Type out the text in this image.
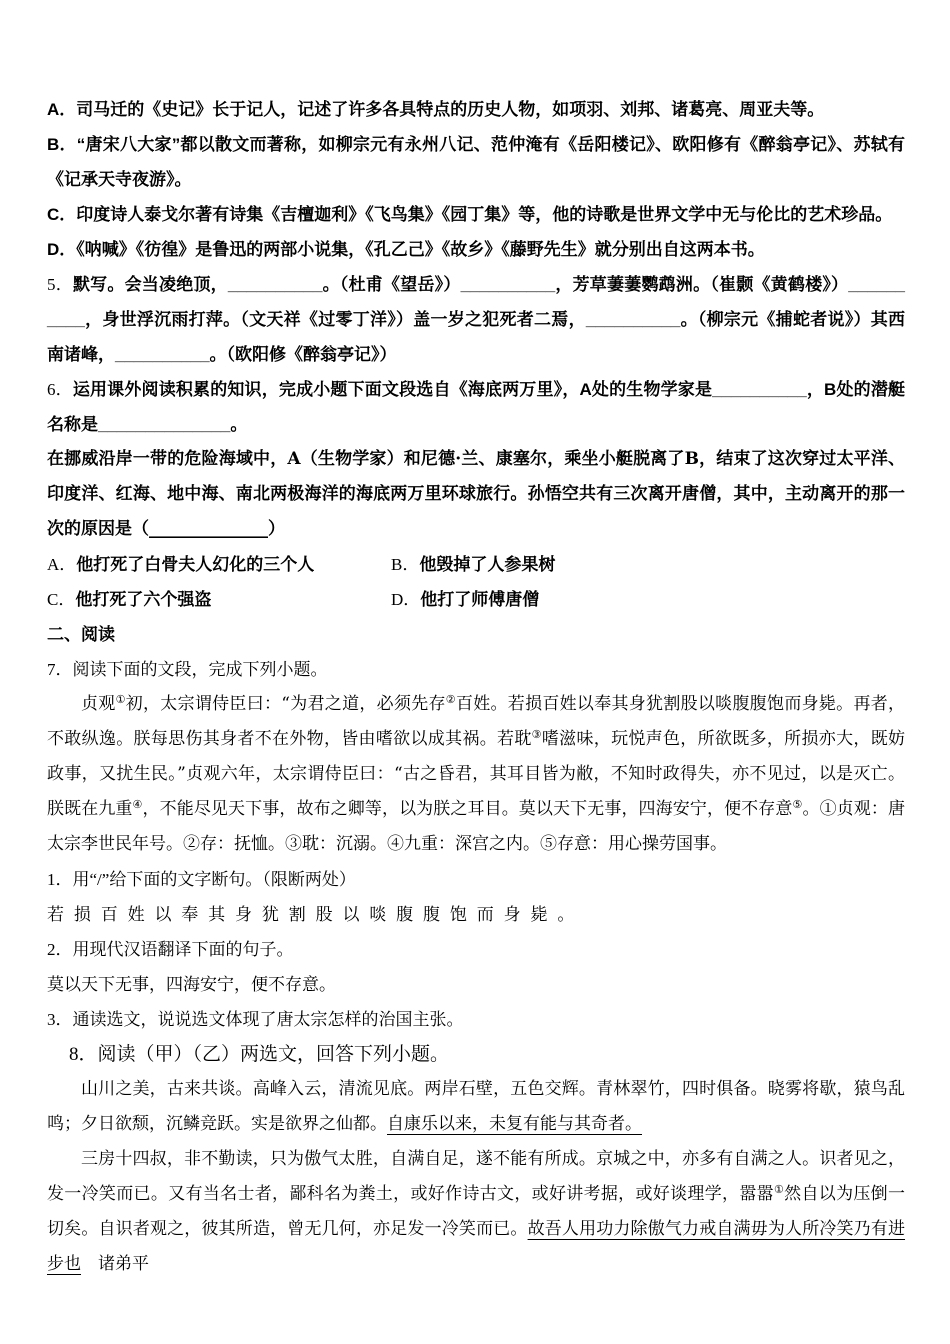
A．司马迁的《史记》长于记人，记述了许多各具特点的历史人物，如项羽、刘邦、诸葛亮、周亚夫等。

B．“唐宋八大家”都以散文而著称，如柳宗元有永州八记、范仲淹有《岳阳楼记》、欧阳修有《醉翁亭记》、苏轼有《记承天寺夜游》。

C．印度诗人泰戈尔著有诗集《吉檀迦利》《飞鸟集》《园丁集》等，他的诗歌是世界文学中无与伦比的艺术珍品。

D．《呐喊》《彷徨》是鲁迅的两部小说集，《孔乙己》《故乡》《藤野先生》就分别出自这两本书。

5．默写。会当凌绝顶，__​__​__​__​__。（杜甫《望岳》）__​__​__​__​__，芳草萋萋鹦鹉洲。（崔颢《黄鹤楼》）__​__​__​__​__，身世浮沉雨打萍。（文天祥《过零丁洋》）盖一岁之犯死者二焉，__​__​__​__​__。（柳宗元《捕蛇者说》）其西南诸峰，__​__​__​__​__。（欧阳修《醉翁亭记》）

6．运用课外阅读积累的知识，完成小题下面文段选自《海底两万里》，A处的生物学家是__​__​__​__​__，B处的潜艇名称是__​__​__​__​__​__​__。

在挪威沿岸一带的危险海域中，A（生物学家）和尼德·兰、康塞尔，乘坐小艇脱离了B，结束了这次穿过太平洋、印度洋、红海、地中海、南北两极海洋的海底两万里环球旅行。孙悟空共有三次离开唐僧，其中，主动离开的那一次的原因是（__​__​__​__​__​__​__）

A．他打死了白骨夫人幻化的三个人	B．他毁掉了人参果树

C．他打死了六个强盗	D．他打了师傅唐僧

二、阅读

7．阅读下面的文段，完成下列小题。

贞观①初，太宗谓侍臣曰：“为君之道，必须先存②百姓。若损百姓以奉其身犹割股以啖腹腹饱而身毙。再者，不敢纵逸。朕每思伤其身者不在外物，皆由嗜欲以成其祸。若耽③嗜滋味，玩悦声色，所欲既多，所损亦大，既妨政事，又扰生民。”贞观六年，太宗谓侍臣曰：“古之昏君，其耳目皆为敝，不知时政得失，亦不见过，以是灭亡。朕既在九重④，不能尽见天下事，故布之卿等，以为朕之耳目。莫以天下无事，四海安宁，便不存意⑤。①贞观：唐太宗李世民年号。②存：抚恤。③耽：沉溺。④九重：深宫之内。⑤存意：用心操劳国事。

1．用“/”给下面的文字断句。（限断两处）

若损百姓以奉其身犹割股以啖腹腹饱而身毙。

2．用现代汉语翻译下面的句子。

莫以天下无事，四海安宁，便不存意。

3．通读选文，说说选文体现了唐太宗怎样的治国主张。

8．阅读（甲）（乙）两选文，回答下列小题。

山川之美，古来共谈。高峰入云，清流见底。两岸石壁，五色交辉。青林翠竹，四时俱备。晓雾将歇，猿鸟乱鸣；夕日欲颓，沉鳞竞跃。实是欲界之仙都。自康乐以来，未复有能与其奇者。

三房十四叔，非不勤读，只为傲气太胜，自满自足，遂不能有所成。京城之中，亦多有自满之人。识者见之，发一冷笑而已。又有当名士者，鄙科名为粪土，或好作诗古文，或好讲考据，或好谈理学，嚣嚣①然自以为压倒一切矣。自识者观之，彼其所造，曾无几何，亦足发一冷笑而已。故吾人用功力除傲气力戒自满毋为人所冷笑乃有进步也　诸弟平
